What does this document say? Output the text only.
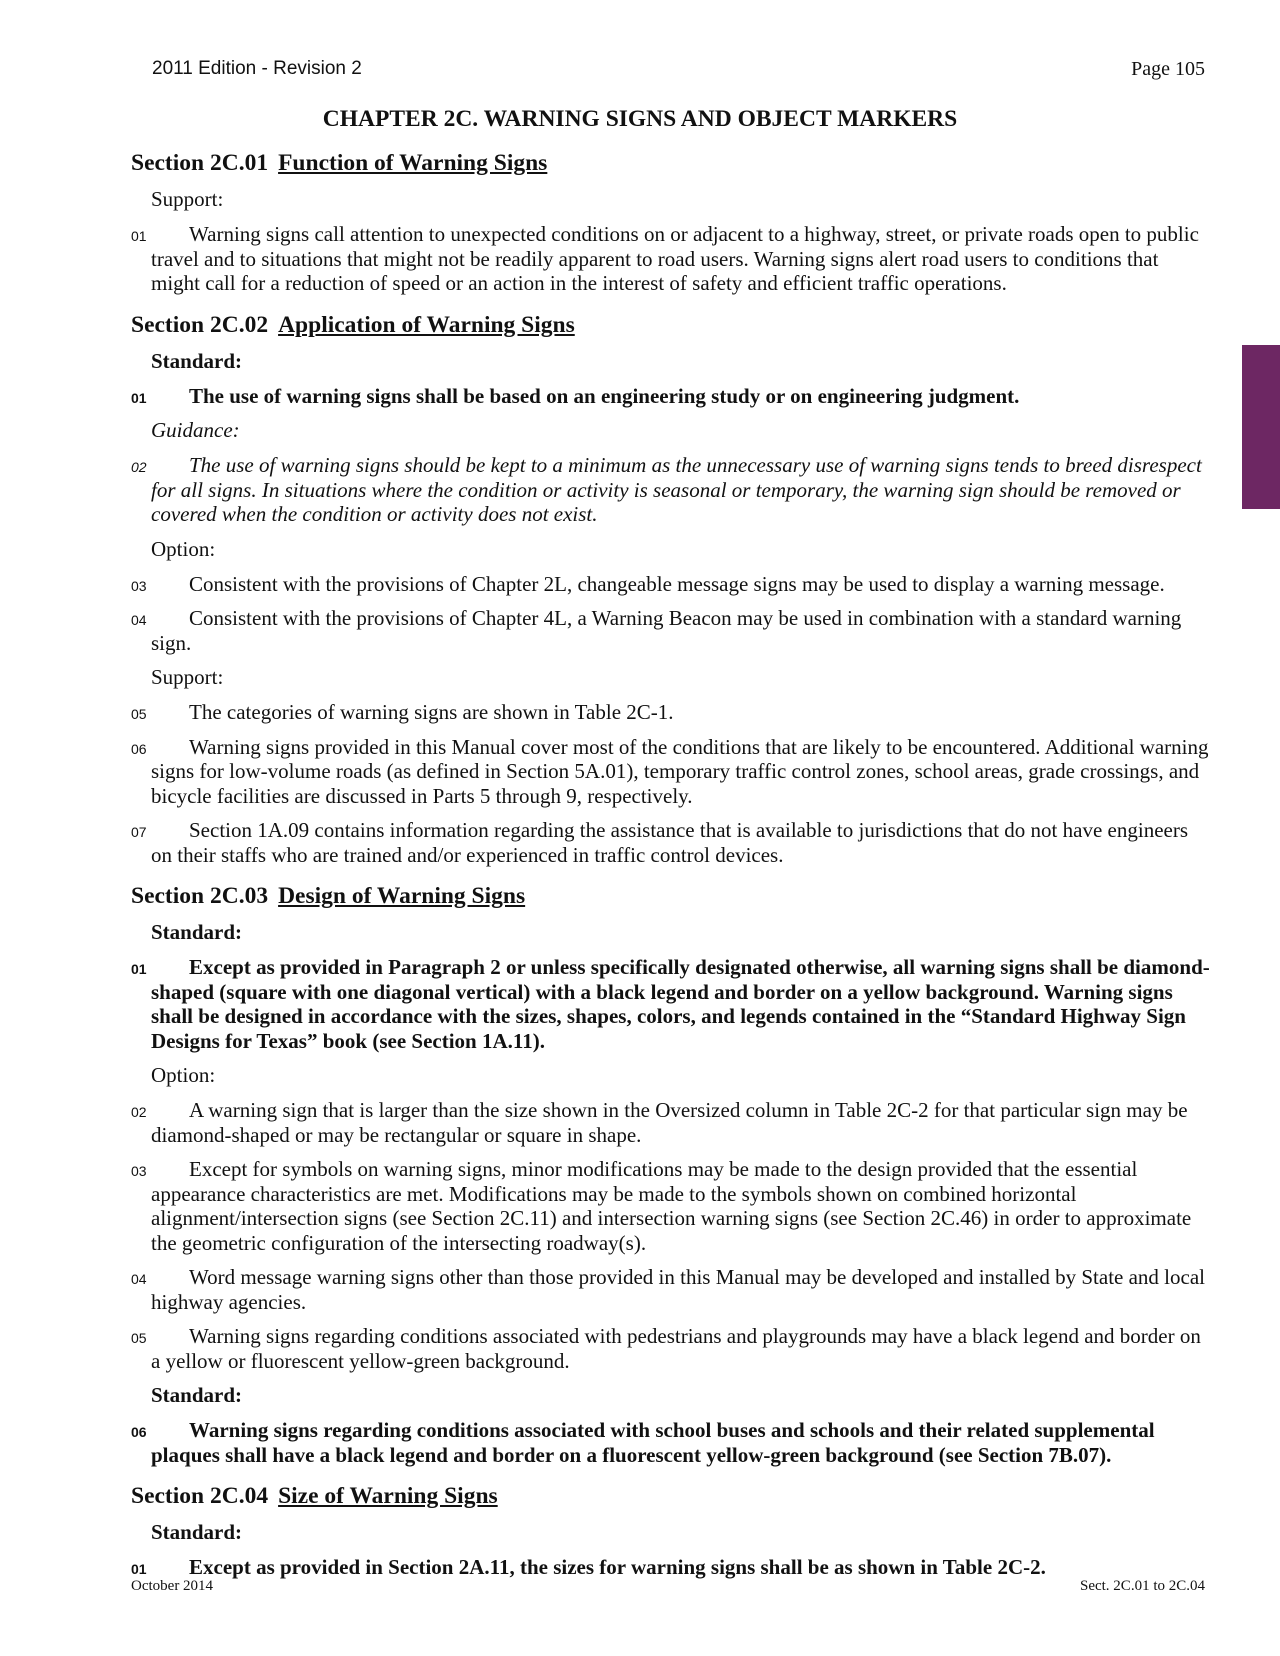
2011 Edition - Revision 2	Page 105
CHAPTER 2C. WARNING SIGNS AND OBJECT MARKERS
Section 2C.01 Function of Warning Signs
Support:
01	Warning signs call attention to unexpected conditions on or adjacent to a highway, street, or private roads open to public travel and to situations that might not be readily apparent to road users. Warning signs alert road users to conditions that might call for a reduction of speed or an action in the interest of safety and efficient traffic operations.
Section 2C.02 Application of Warning Signs
Standard:
01	The use of warning signs shall be based on an engineering study or on engineering judgment.
Guidance:
02	The use of warning signs should be kept to a minimum as the unnecessary use of warning signs tends to breed disrespect for all signs. In situations where the condition or activity is seasonal or temporary, the warning sign should be removed or covered when the condition or activity does not exist.
Option:
03	Consistent with the provisions of Chapter 2L, changeable message signs may be used to display a warning message.
04	Consistent with the provisions of Chapter 4L, a Warning Beacon may be used in combination with a standard warning sign.
Support:
05	The categories of warning signs are shown in Table 2C-1.
06	Warning signs provided in this Manual cover most of the conditions that are likely to be encountered. Additional warning signs for low-volume roads (as defined in Section 5A.01), temporary traffic control zones, school areas, grade crossings, and bicycle facilities are discussed in Parts 5 through 9, respectively.
07	Section 1A.09 contains information regarding the assistance that is available to jurisdictions that do not have engineers on their staffs who are trained and/or experienced in traffic control devices.
Section 2C.03 Design of Warning Signs
Standard:
01	Except as provided in Paragraph 2 or unless specifically designated otherwise, all warning signs shall be diamond-shaped (square with one diagonal vertical) with a black legend and border on a yellow background. Warning signs shall be designed in accordance with the sizes, shapes, colors, and legends contained in the “Standard Highway Sign Designs for Texas” book (see Section 1A.11).
Option:
02	A warning sign that is larger than the size shown in the Oversized column in Table 2C-2 for that particular sign may be diamond-shaped or may be rectangular or square in shape.
03	Except for symbols on warning signs, minor modifications may be made to the design provided that the essential appearance characteristics are met. Modifications may be made to the symbols shown on combined horizontal alignment/intersection signs (see Section 2C.11) and intersection warning signs (see Section 2C.46) in order to approximate the geometric configuration of the intersecting roadway(s).
04	Word message warning signs other than those provided in this Manual may be developed and installed by State and local highway agencies.
05	Warning signs regarding conditions associated with pedestrians and playgrounds may have a black legend and border on a yellow or fluorescent yellow-green background.
Standard:
06	Warning signs regarding conditions associated with school buses and schools and their related supplemental plaques shall have a black legend and border on a fluorescent yellow-green background (see Section 7B.07).
Section 2C.04 Size of Warning Signs
Standard:
01	Except as provided in Section 2A.11, the sizes for warning signs shall be as shown in Table 2C-2.
October 2014	Sect. 2C.01 to 2C.04
